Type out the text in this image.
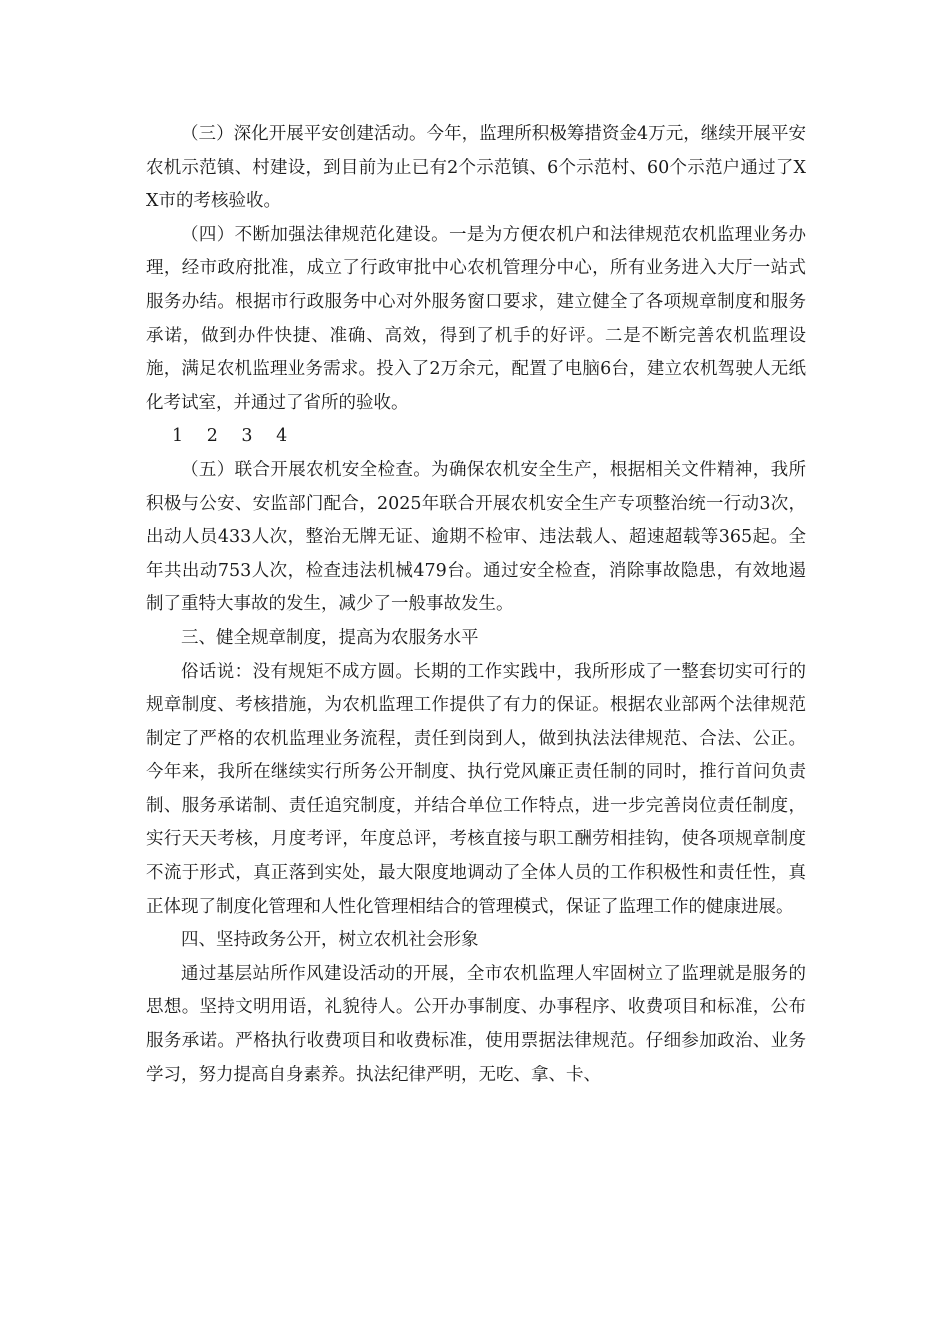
（三）深化开展平安创建活动。今年，监理所积极筹措资金4万元，继续开展平安农机示范镇、村建设，到目前为止已有2个示范镇、6个示范村、60个示范户通过了XX市的考核验收。

（四）不断加强法律规范化建设。一是为方便农机户和法律规范农机监理业务办理，经市政府批准，成立了行政审批中心农机管理分中心，所有业务进入大厅一站式服务办结。根据市行政服务中心对外服务窗口要求，建立健全了各项规章制度和服务承诺，做到办件快捷、准确、高效，得到了机手的好评。二是不断完善农机监理设施，满足农机监理业务需求。投入了2万余元，配置了电脑6台，建立农机驾驶人无纸化考试室，并通过了省所的验收。

1 2 3 4

（五）联合开展农机安全检查。为确保农机安全生产，根据相关文件精神，我所积极与公安、安监部门配合，2025年联合开展农机安全生产专项整治统一行动3次，出动人员433人次，整治无牌无证、逾期不检审、违法载人、超速超载等365起。全年共出动753人次，检查违法机械479台。通过安全检查，消除事故隐患，有效地遏制了重特大事故的发生，减少了一般事故发生。

三、健全规章制度，提高为农服务水平

俗话说：没有规矩不成方圆。长期的工作实践中，我所形成了一整套切实可行的规章制度、考核措施，为农机监理工作提供了有力的保证。根据农业部两个法律规范制定了严格的农机监理业务流程，责任到岗到人，做到执法法律规范、合法、公正。今年来，我所在继续实行所务公开制度、执行党风廉正责任制的同时，推行首问负责制、服务承诺制、责任追究制度，并结合单位工作特点，进一步完善岗位责任制度，实行天天考核，月度考评，年度总评，考核直接与职工酬劳相挂钩，使各项规章制度不流于形式，真正落到实处，最大限度地调动了全体人员的工作积极性和责任性，真正体现了制度化管理和人性化管理相结合的管理模式，保证了监理工作的健康进展。

四、坚持政务公开，树立农机社会形象

通过基层站所作风建设活动的开展，全市农机监理人牢固树立了监理就是服务的思想。坚持文明用语，礼貌待人。公开办事制度、办事程序、收费项目和标准，公布服务承诺。严格执行收费项目和收费标准，使用票据法律规范。仔细参加政治、业务学习，努力提高自身素养。执法纪律严明，无吃、拿、卡、
